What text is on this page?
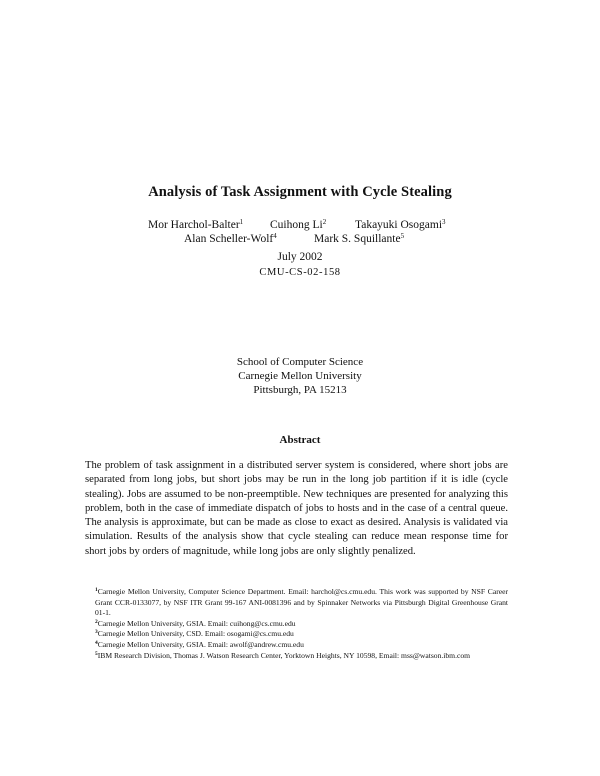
Analysis of Task Assignment with Cycle Stealing
Mor Harchol-Balter$^1$ Cuihong Li$^2$	Takayuki Osogami$^3$
Alan Scheller-Wolf$^4$	Mark S. Squillante$^5$
July 2002
CMU-CS-02-158
School of Computer Science
Carnegie Mellon University
Pittsburgh, PA 15213
Abstract
The problem of task assignment in a distributed server system is considered, where short jobs are separated from long jobs, but short jobs may be run in the long job partition if it is idle (cycle stealing). Jobs are assumed to be non-preemptible. New techniques are presented for analyzing this problem, both in the case of immediate dispatch of jobs to hosts and in the case of a central queue. The analysis is approximate, but can be made as close to exact as desired. Analysis is validated via simulation. Results of the analysis show that cycle stealing can reduce mean response time for short jobs by orders of magnitude, while long jobs are only slightly penalized.
$^1$Carnegie Mellon University, Computer Science Department. Email: harchol@cs.cmu.edu. This work was supported by NSF Career Grant CCR-0133077, by NSF ITR Grant 99-167 ANI-0081396 and by Spinnaker Networks via Pittsburgh Digital Greenhouse Grant 01-1.
$^2$Carnegie Mellon University, GSIA. Email: cuihong@cs.cmu.edu
$^3$Carnegie Mellon University, CSD. Email: osogami@cs.cmu.edu
$^4$Carnegie Mellon University, GSIA. Email: awolf@andrew.cmu.edu
$^5$IBM Research Division, Thomas J. Watson Research Center, Yorktown Heights, NY 10598, Email: mss@watson.ibm.com
